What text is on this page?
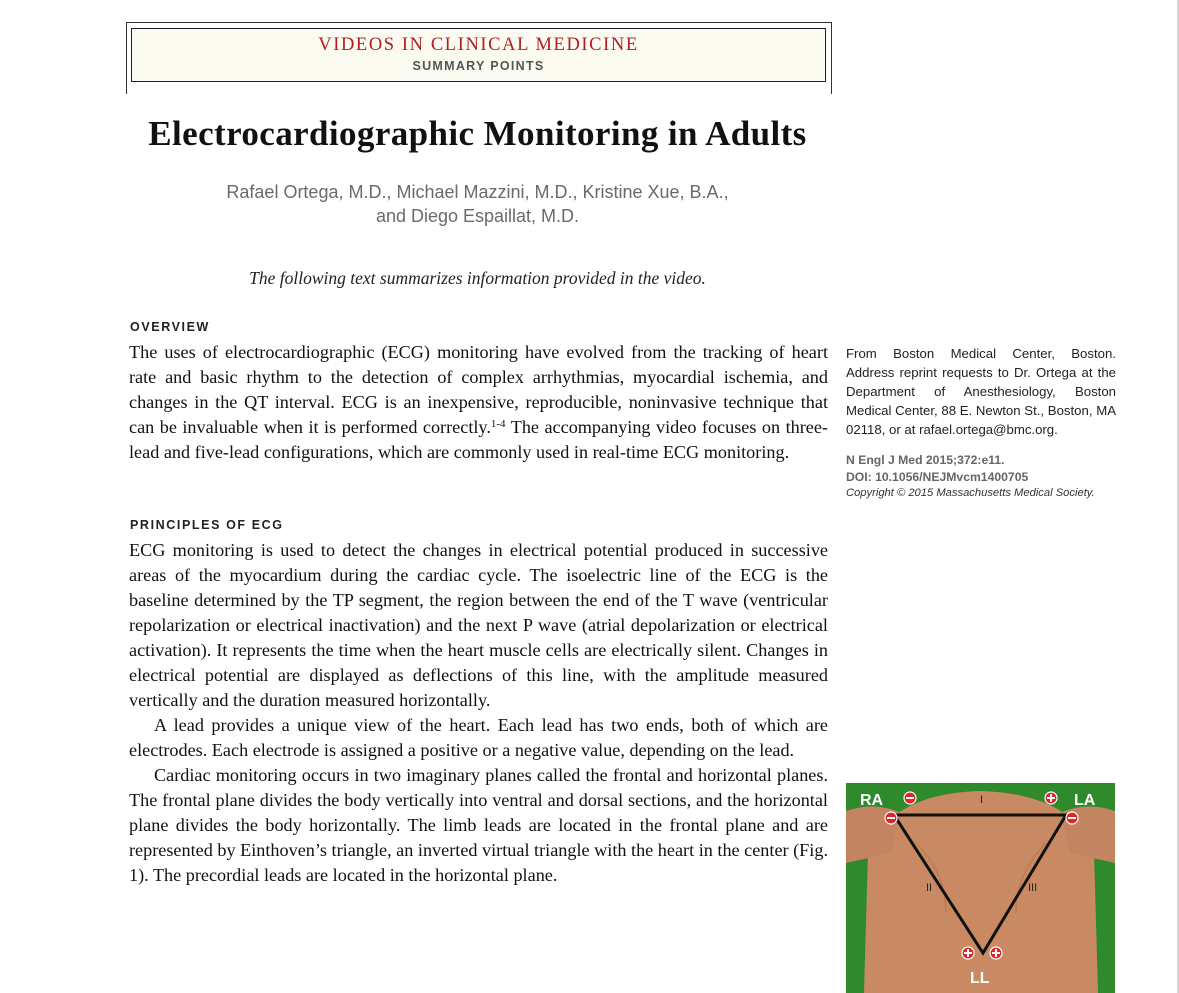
VIDEOS IN CLINICAL MEDICINE
SUMMARY POINTS
Electrocardiographic Monitoring in Adults
Rafael Ortega, M.D., Michael Mazzini, M.D., Kristine Xue, B.A.,
and Diego Espaillat, M.D.
The following text summarizes information provided in the video.
OVERVIEW

The uses of electrocardiographic (ECG) monitoring have evolved from the tracking of heart rate and basic rhythm to the detection of complex arrhythmias, myocardial ischemia, and changes in the QT interval. ECG is an inexpensive, reproducible, noninvasive technique that can be invaluable when it is performed correctly.$^{1-4}$ The accompanying video focuses on three-lead and five-lead configurations, which are commonly used in real-time ECG monitoring.

PRINCIPLES OF ECG

ECG monitoring is used to detect the changes in electrical potential produced in successive areas of the myocardium during the cardiac cycle. The isoelectric line of the ECG is the baseline determined by the TP segment, the region between the end of the T wave (ventricular repolarization or electrical inactivation) and the next P wave (atrial depolarization or electrical activation). It represents the time when the heart muscle cells are electrically silent. Changes in electrical potential are displayed as deflections of this line, with the amplitude measured vertically and the duration measured horizontally.

A lead provides a unique view of the heart. Each lead has two ends, both of which are electrodes. Each electrode is assigned a positive or a negative value, depending on the lead.

Cardiac monitoring occurs in two imaginary planes called the frontal and horizontal planes. The frontal plane divides the body vertically into ventral and dorsal sections, and the horizontal plane divides the body horizontally. The limb leads are located in the frontal plane and are represented by Einthoven’s triangle, an inverted virtual triangle with the heart in the center (Fig. 1). The precordial leads are located in the horizontal plane.

From Boston Medical Center, Boston. Address reprint requests to Dr. Ortega at the Department of Anesthesiology, Boston Medical Center, 88 E. Newton St., Boston, MA 02118, or at rafael.ortega@bmc.org.
N Engl J Med 2015;372:e11.
DOI: 10.1056/NEJMvcm1400705
Copyright © 2015 Massachusetts Medical Society.
RA	LA
LL
I
II	III
